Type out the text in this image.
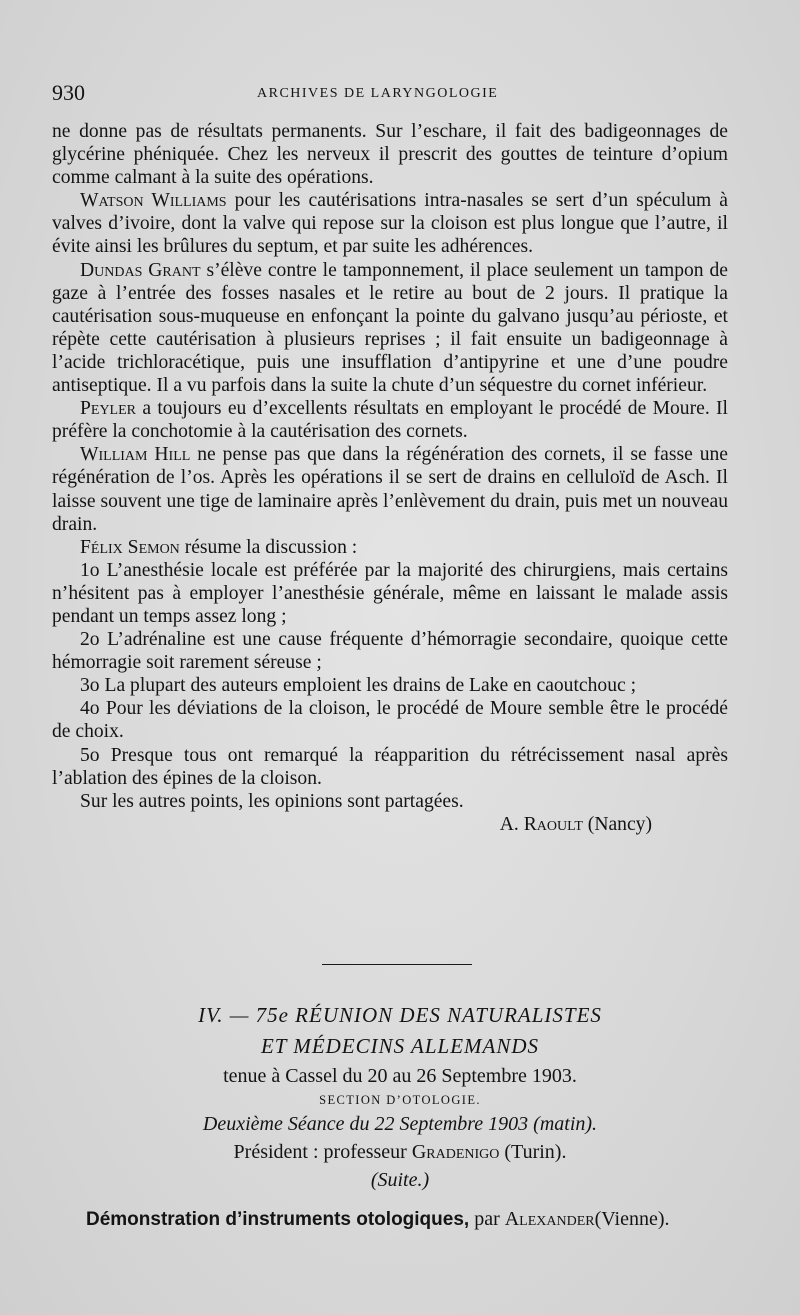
930	ARCHIVES DE LARYNGOLOGIE

ne donne pas de résultats permanents. Sur l’eschare, il fait des badigeonnages de glycérine phéniquée. Chez les nerveux il prescrit des gouttes de teinture d’opium comme calmant à la suite des opérations.

Watson Williams pour les cautérisations intra-nasales se sert d’un spéculum à valves d’ivoire, dont la valve qui repose sur la cloison est plus longue que l’autre, il évite ainsi les brûlures du septum, et par suite les adhérences.

Dundas Grant s’élève contre le tamponnement, il place seulement un tampon de gaze à l’entrée des fosses nasales et le retire au bout de 2 jours. Il pratique la cautérisation sous-muqueuse en enfonçant la pointe du galvano jusqu’au périoste, et répète cette cautérisation à plusieurs reprises ; il fait ensuite un badigeonnage à l’acide trichloracétique, puis une insufflation d’antipyrine et une d’une poudre antiseptique. Il a vu parfois dans la suite la chute d’un séquestre du cornet inférieur.

Peyler a toujours eu d’excellents résultats en employant le procédé de Moure. Il préfère la conchotomie à la cautérisation des cornets.

William Hill ne pense pas que dans la régénération des cornets, il se fasse une régénération de l’os. Après les opérations il se sert de drains en celluloïd de Asch. Il laisse souvent une tige de laminaire après l’enlèvement du drain, puis met un nouveau drain.

Félix Semon résume la discussion :

1o L’anesthésie locale est préférée par la majorité des chirurgiens, mais certains n’hésitent pas à employer l’anesthésie générale, même en laissant le malade assis pendant un temps assez long ;

2o L’adrénaline est une cause fréquente d’hémorragie secondaire, quoique cette hémorragie soit rarement séreuse ;

3o La plupart des auteurs emploient les drains de Lake en caoutchouc ;

4o Pour les déviations de la cloison, le procédé de Moure semble être le procédé de choix.

5o Presque tous ont remarqué la réapparition du rétrécissement nasal après l’ablation des épines de la cloison.

Sur les autres points, les opinions sont partagées.

A. Raoult (Nancy)

IV. — 75e RÉUNION DES NATURALISTES
ET MÉDECINS ALLEMANDS
tenue à Cassel du 20 au 26 Septembre 1903.
SECTION D’OTOLOGIE.
Deuxième Séance du 22 Septembre 1903 (matin).
Président : professeur Gradenigo (Turin).
(Suite.)
Démonstration d’instruments otologiques, par Alexander(Vienne).
